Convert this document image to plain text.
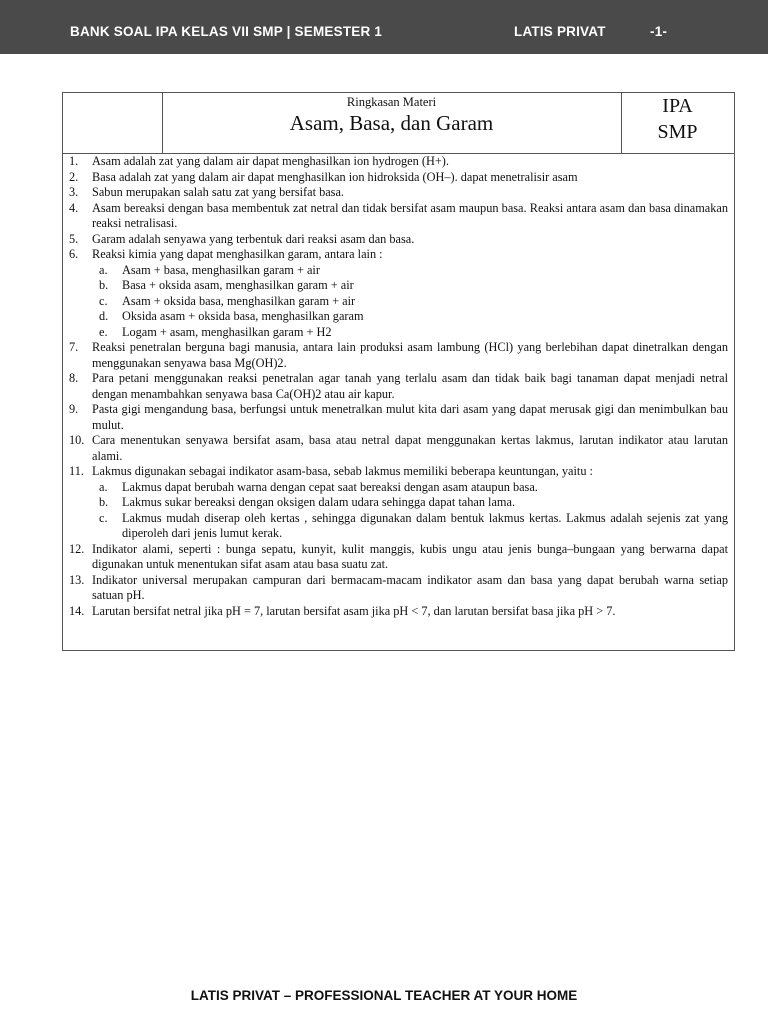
BANK SOAL IPA KELAS VII SMP | SEMESTER 1	LATIS PRIVAT	-1-
Ringkasan Materi
Asam, Basa, dan Garam
IPA
SMP
1. Asam adalah zat yang dalam air dapat menghasilkan ion hydrogen (H+).
2. Basa adalah zat yang dalam air dapat menghasilkan ion hidroksida (OH–). dapat menetralisir asam
3. Sabun merupakan salah satu zat yang bersifat basa.
4. Asam bereaksi dengan basa membentuk zat netral dan tidak bersifat asam maupun basa. Reaksi antara asam dan basa dinamakan reaksi netralisasi.
5. Garam adalah senyawa yang terbentuk dari reaksi asam dan basa.
6. Reaksi kimia yang dapat menghasilkan garam, antara lain :
a. Asam + basa, menghasilkan garam + air
b. Basa + oksida asam, menghasilkan garam + air
c. Asam + oksida basa, menghasilkan garam + air
d. Oksida asam + oksida basa, menghasilkan garam
e. Logam + asam, menghasilkan garam + H2
7. Reaksi penetralan berguna bagi manusia, antara lain produksi asam lambung (HCl) yang berlebihan dapat dinetralkan dengan menggunakan senyawa basa Mg(OH)2.
8. Para petani menggunakan reaksi penetralan agar tanah yang terlalu asam dan tidak baik bagi tanaman dapat menjadi netral dengan menambahkan senyawa basa Ca(OH)2 atau air kapur.
9. Pasta gigi mengandung basa, berfungsi untuk menetralkan mulut kita dari asam yang dapat merusak gigi dan menimbulkan bau mulut.
10. Cara menentukan senyawa bersifat asam, basa atau netral dapat menggunakan kertas lakmus, larutan indikator atau larutan alami.
11. Lakmus digunakan sebagai indikator asam-basa, sebab lakmus memiliki beberapa keuntungan, yaitu :
a. Lakmus dapat berubah warna dengan cepat saat bereaksi dengan asam ataupun basa.
b. Lakmus sukar bereaksi dengan oksigen dalam udara sehingga dapat tahan lama.
c. Lakmus mudah diserap oleh kertas , sehingga digunakan dalam bentuk lakmus kertas. Lakmus adalah sejenis zat yang diperoleh dari jenis lumut kerak.
12. Indikator alami, seperti : bunga sepatu, kunyit, kulit manggis, kubis ungu atau jenis bunga–bungaan yang berwarna dapat digunakan untuk menentukan sifat asam atau basa suatu zat.
13. Indikator universal merupakan campuran dari bermacam-macam indikator asam dan basa yang dapat berubah warna setiap satuan pH.
14. Larutan bersifat netral jika pH = 7, larutan bersifat asam jika pH < 7, dan larutan bersifat basa jika pH > 7.
LATIS PRIVAT – PROFESSIONAL TEACHER AT YOUR HOME
